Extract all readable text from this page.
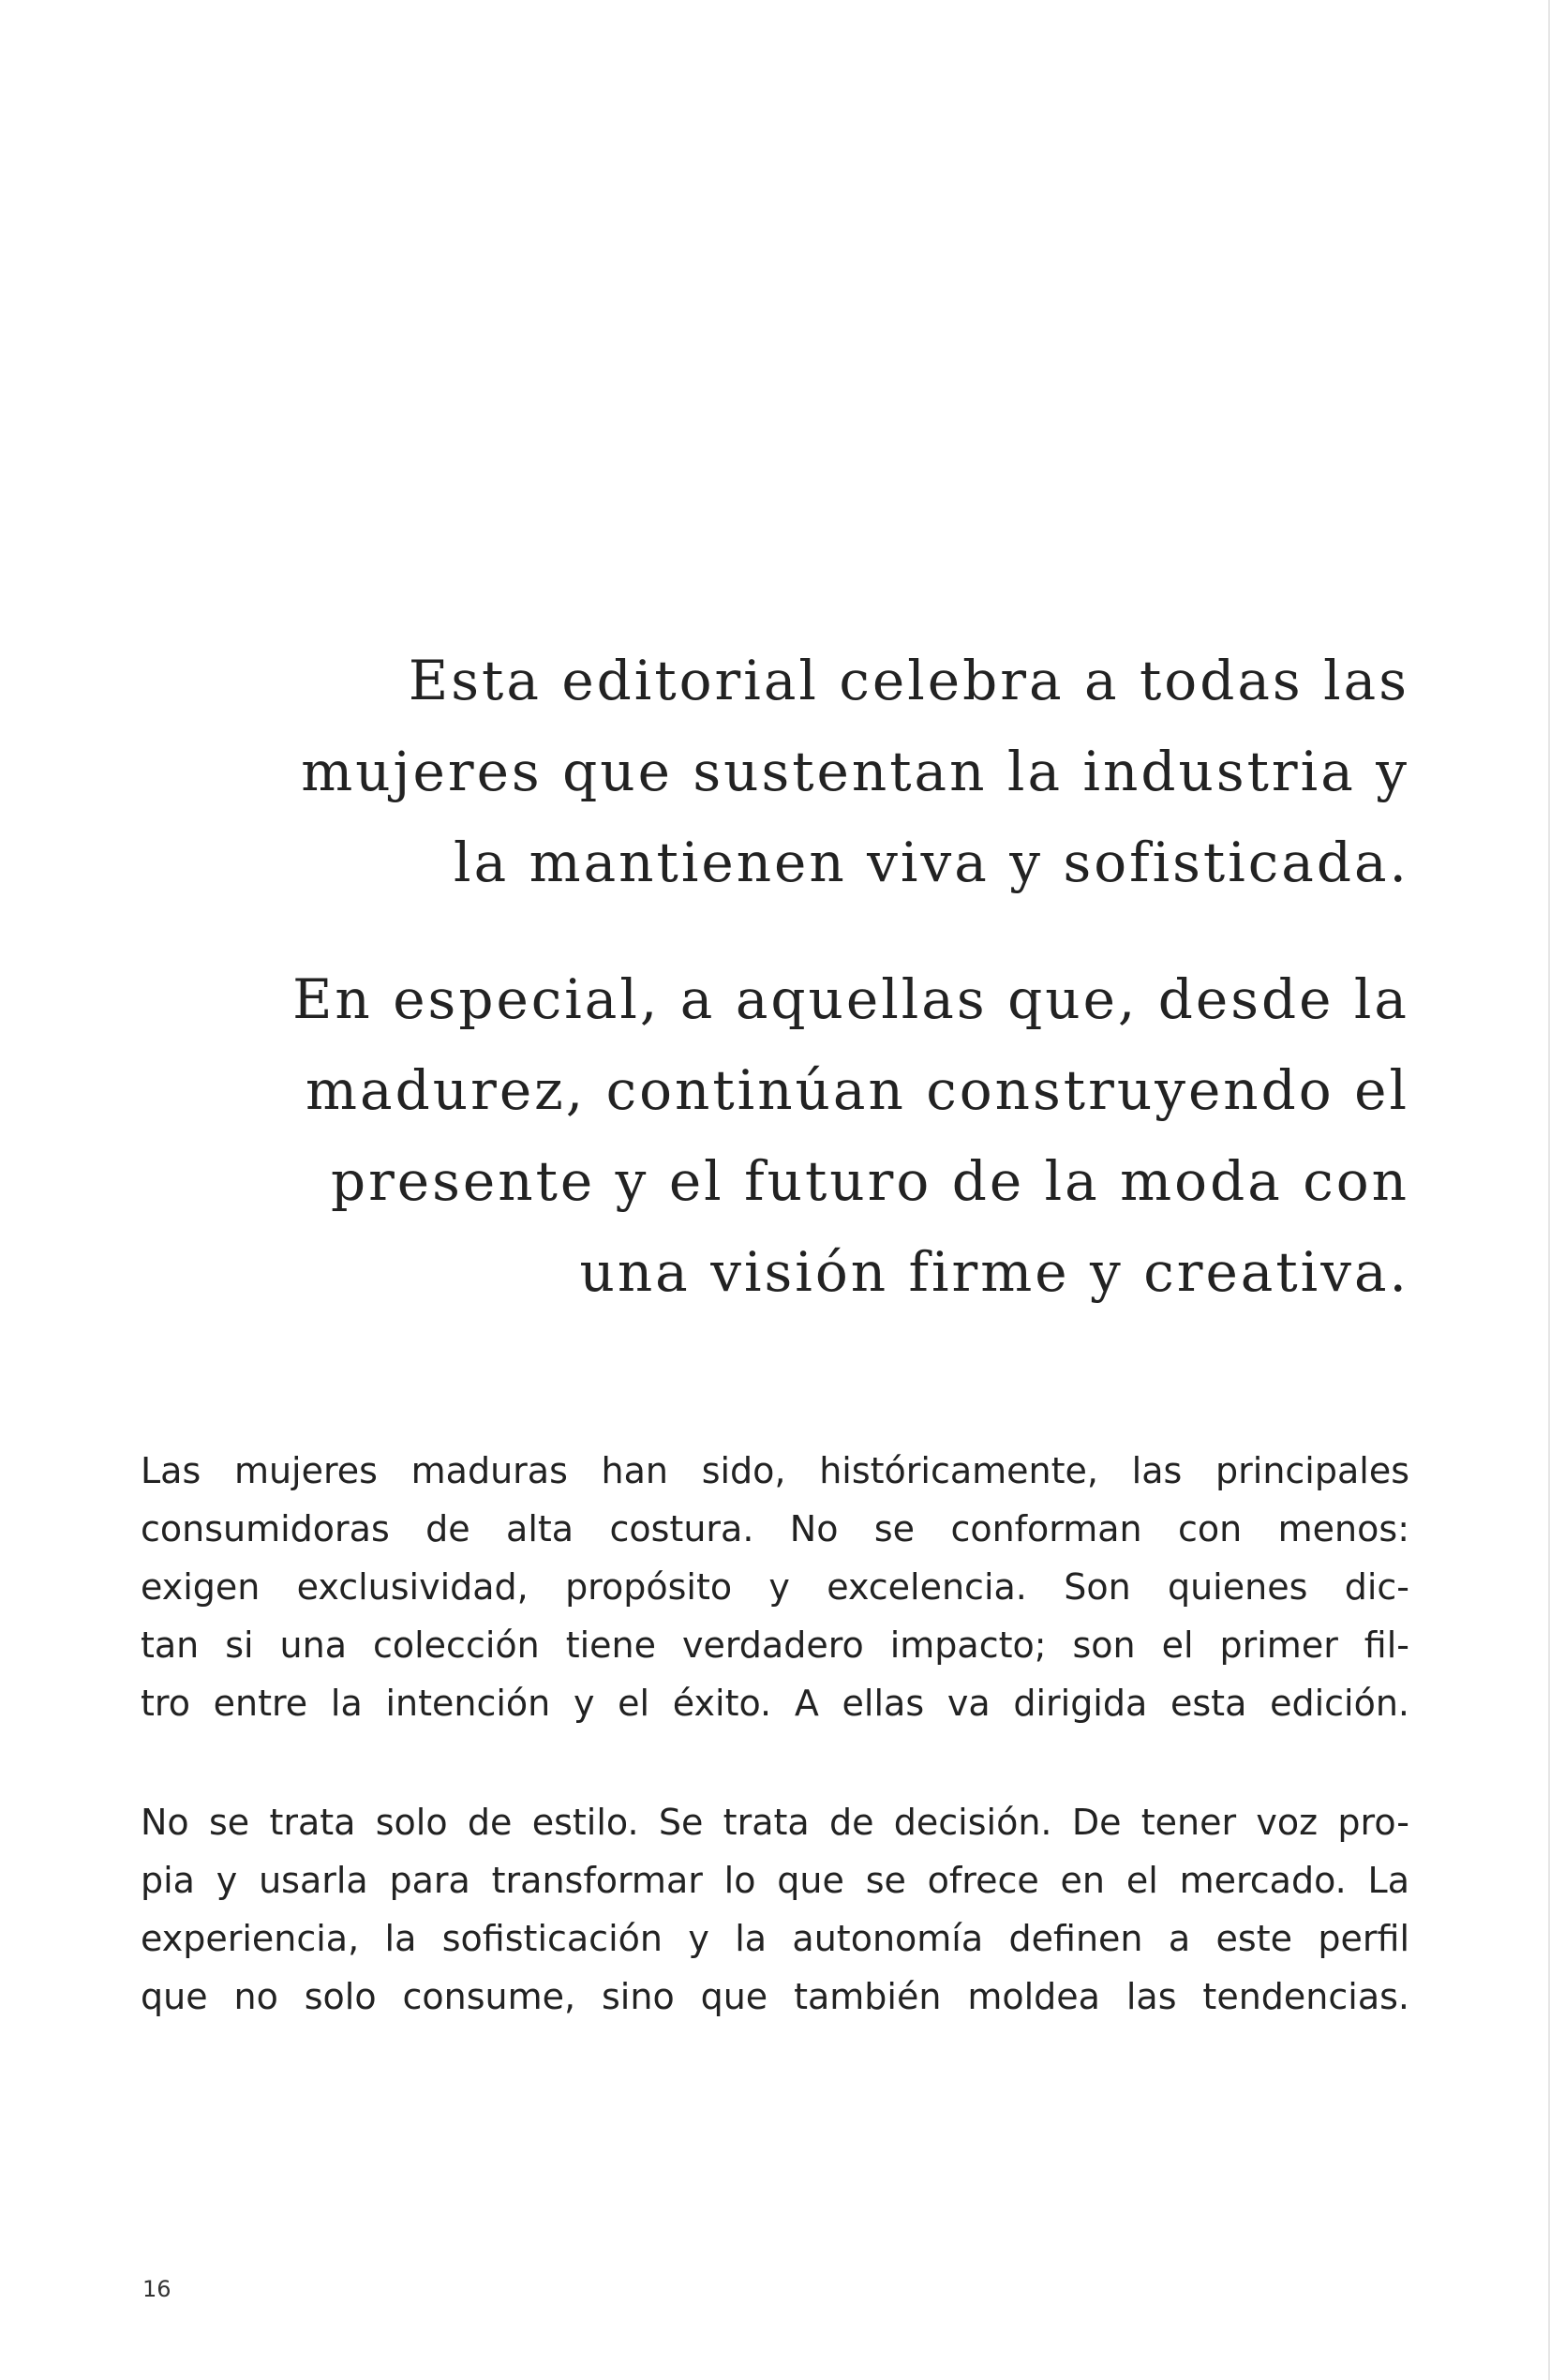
Esta editorial celebra a todas las
mujeres que sustentan la industria y
la mantienen viva y sofisticada.
En especial, a aquellas que, desde la
madurez, continúan construyendo el
presente y el futuro de la moda con
una visión firme y creativa.
Las mujeres maduras han sido, históricamente, las principales
consumidoras de alta costura. No se conforman con menos:
exigen exclusividad, propósito y excelencia. Son quienes dic-
tan si una colección tiene verdadero impacto; son el primer fil-
tro entre la intención y el éxito. A ellas va dirigida esta edición.
No se trata solo de estilo. Se trata de decisión. De tener voz pro-
pia y usarla para transformar lo que se ofrece en el mercado. La
experiencia, la sofisticación y la autonomía definen a este perfil
que no solo consume, sino que también moldea las tendencias.
16
